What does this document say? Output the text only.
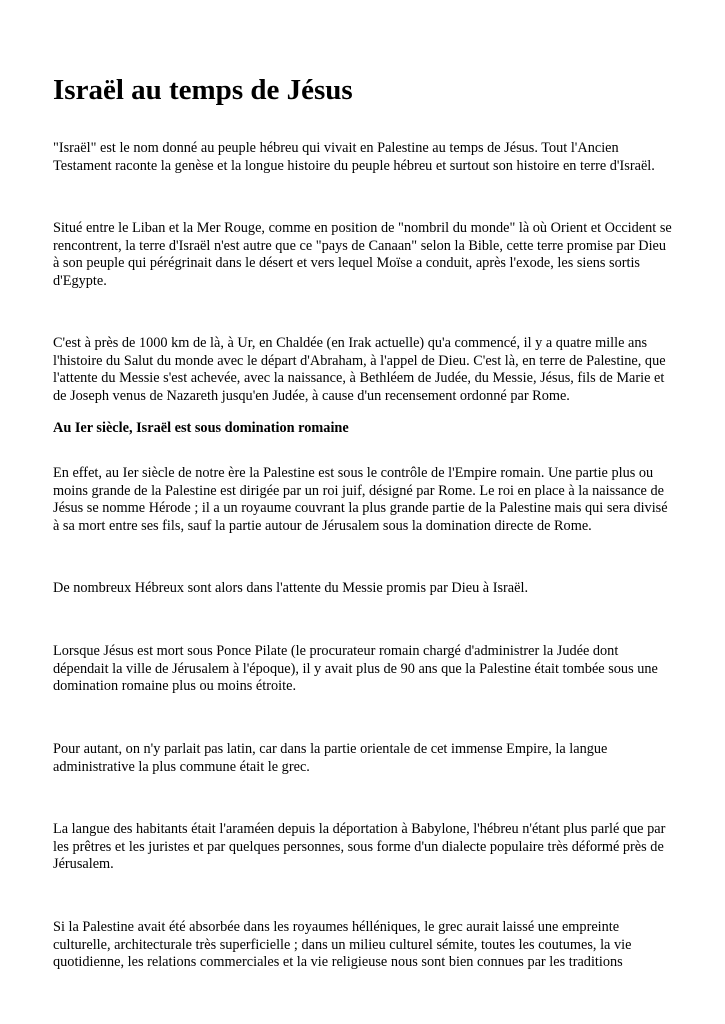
Israël au temps de Jésus

"Israël" est le nom donné au peuple hébreu qui vivait en Palestine au temps de Jésus. Tout l'Ancien Testament raconte la genèse et la longue histoire du peuple hébreu et surtout son histoire en terre d'Israël.

Situé entre le Liban et la Mer Rouge, comme en position de "nombril du monde" là où Orient et Occident se rencontrent, la terre d'Israël n'est autre que ce "pays de Canaan" selon la Bible, cette terre promise par Dieu à son peuple qui pérégrinait dans le désert et vers lequel Moïse a conduit, après l'exode, les siens sortis d'Egypte.

C'est à près de 1000 km de là, à Ur, en Chaldée (en Irak actuelle) qu'a commencé, il y a quatre mille ans l'histoire du Salut du monde avec le départ d'Abraham, à l'appel de Dieu. C'est là, en terre de Palestine, que l'attente du Messie s'est achevée, avec la naissance, à Bethléem de Judée, du Messie, Jésus, fils de Marie et de Joseph venus de Nazareth jusqu'en Judée, à cause d'un recensement ordonné par Rome.

Au Ier siècle, Israël est sous domination romaine

En effet, au Ier siècle de notre ère la Palestine est sous le contrôle de l'Empire romain. Une partie plus ou moins grande de la Palestine est dirigée par un roi juif, désigné par Rome. Le roi en place à la naissance de Jésus se nomme Hérode ; il a un royaume couvrant la plus grande partie de la Palestine mais qui sera divisé à sa mort entre ses fils, sauf la partie autour de Jérusalem sous la domination directe de Rome.

De nombreux Hébreux sont alors dans l'attente du Messie promis par Dieu à Israël.

Lorsque Jésus est mort sous Ponce Pilate (le procurateur romain chargé d'administrer la Judée dont dépendait la ville de Jérusalem à l'époque), il y avait plus de 90 ans que la Palestine était tombée sous une domination romaine plus ou moins étroite.

Pour autant, on n'y parlait pas latin, car dans la partie orientale de cet immense Empire, la langue administrative la plus commune était le grec.

La langue des habitants était l'araméen depuis la déportation à Babylone, l'hébreu n'étant plus parlé que par les prêtres et les juristes et par quelques personnes, sous forme d'un dialecte populaire très déformé près de Jérusalem.

Si la Palestine avait été absorbée dans les royaumes hélléniques, le grec aurait laissé une empreinte culturelle, architecturale très superficielle ; dans un milieu culturel sémite, toutes les coutumes, la vie quotidienne, les relations commerciales et la vie religieuse nous sont bien connues par les traditions
